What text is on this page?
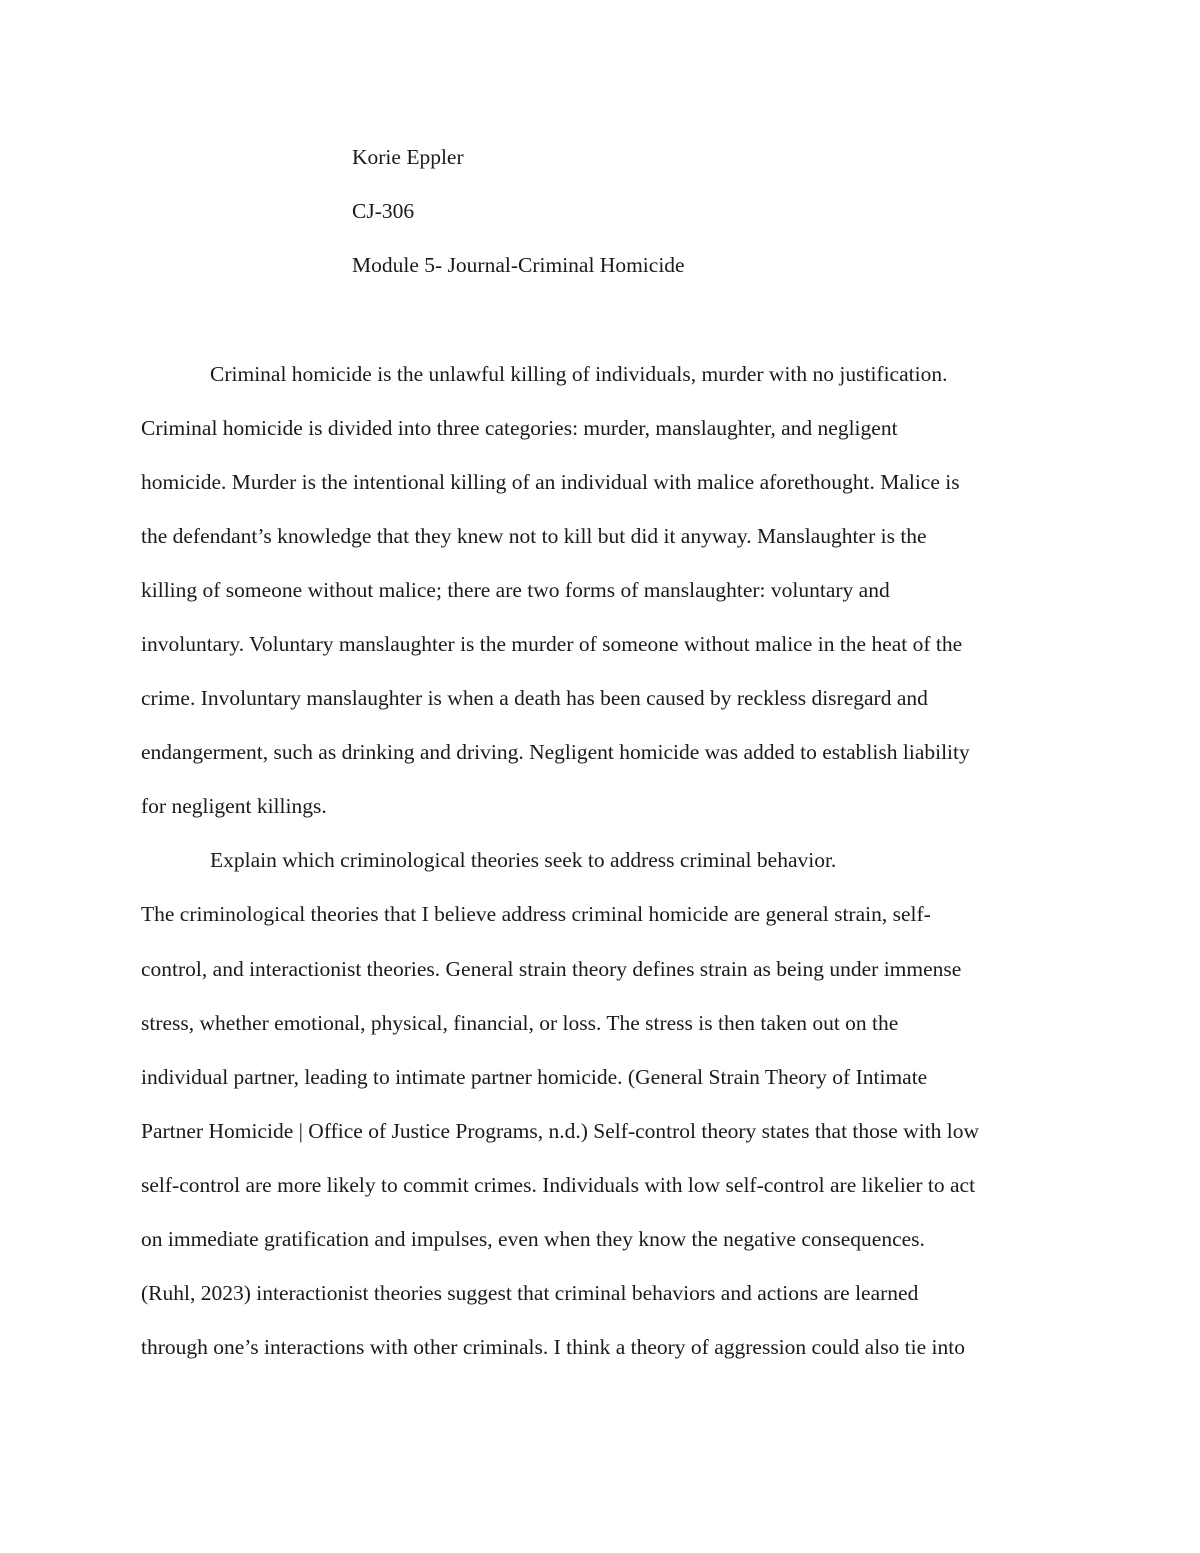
Korie Eppler
CJ-306
Module 5- Journal-Criminal Homicide
Criminal homicide is the unlawful killing of individuals, murder with no justification.
Criminal homicide is divided into three categories: murder, manslaughter, and negligent
homicide. Murder is the intentional killing of an individual with malice aforethought. Malice is
the defendant’s knowledge that they knew not to kill but did it anyway. Manslaughter is the
killing of someone without malice; there are two forms of manslaughter: voluntary and
involuntary. Voluntary manslaughter is the murder of someone without malice in the heat of the
crime. Involuntary manslaughter is when a death has been caused by reckless disregard and
endangerment, such as drinking and driving. Negligent homicide was added to establish liability
for negligent killings.
Explain which criminological theories seek to address criminal behavior.
The criminological theories that I believe address criminal homicide are general strain, self-
control, and interactionist theories. General strain theory defines strain as being under immense
stress, whether emotional, physical, financial, or loss. The stress is then taken out on the
individual partner, leading to intimate partner homicide. (General Strain Theory of Intimate
Partner Homicide | Office of Justice Programs, n.d.) Self-control theory states that those with low
self-control are more likely to commit crimes. Individuals with low self-control are likelier to act
on immediate gratification and impulses, even when they know the negative consequences.
(Ruhl, 2023) interactionist theories suggest that criminal behaviors and actions are learned
through one’s interactions with other criminals. I think a theory of aggression could also tie into
